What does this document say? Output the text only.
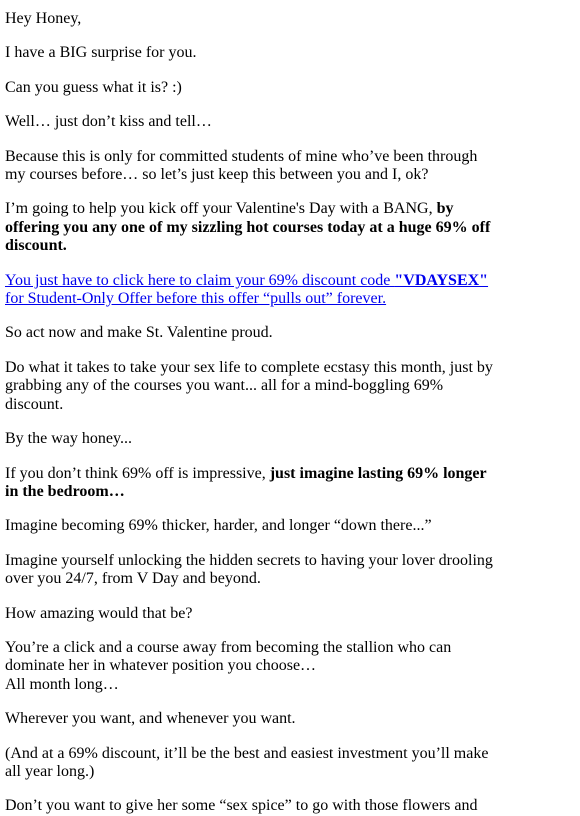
Hey Honey,

I have a BIG surprise for you.

Can you guess what it is? :)

Well… just don’t kiss and tell…

Because this is only for committed students of mine who’ve been through my courses before… so let’s just keep this between you and I, ok?

I’m going to help you kick off your Valentine's Day with a BANG, by offering you any one of my sizzling hot courses today at a huge 69% off discount.

You just have to click here to claim your 69% discount code "VDAYSEX" for Student-Only Offer before this offer “pulls out” forever.

So act now and make St. Valentine proud.

Do what it takes to take your sex life to complete ecstasy this month, just by grabbing any of the courses you want... all for a mind-boggling 69% discount.

By the way honey...

If you don’t think 69% off is impressive, just imagine lasting 69% longer in the bedroom…

Imagine becoming 69% thicker, harder, and longer “down there...”

Imagine yourself unlocking the hidden secrets to having your lover drooling over you 24/7, from V Day and beyond.

How amazing would that be?

You’re a click and a course away from becoming the stallion who can dominate her in whatever position you choose…
All month long…

Wherever you want, and whenever you want.

(And at a 69% discount, it’ll be the best and easiest investment you’ll make all year long.)

Don’t you want to give her some “sex spice” to go with those flowers and
